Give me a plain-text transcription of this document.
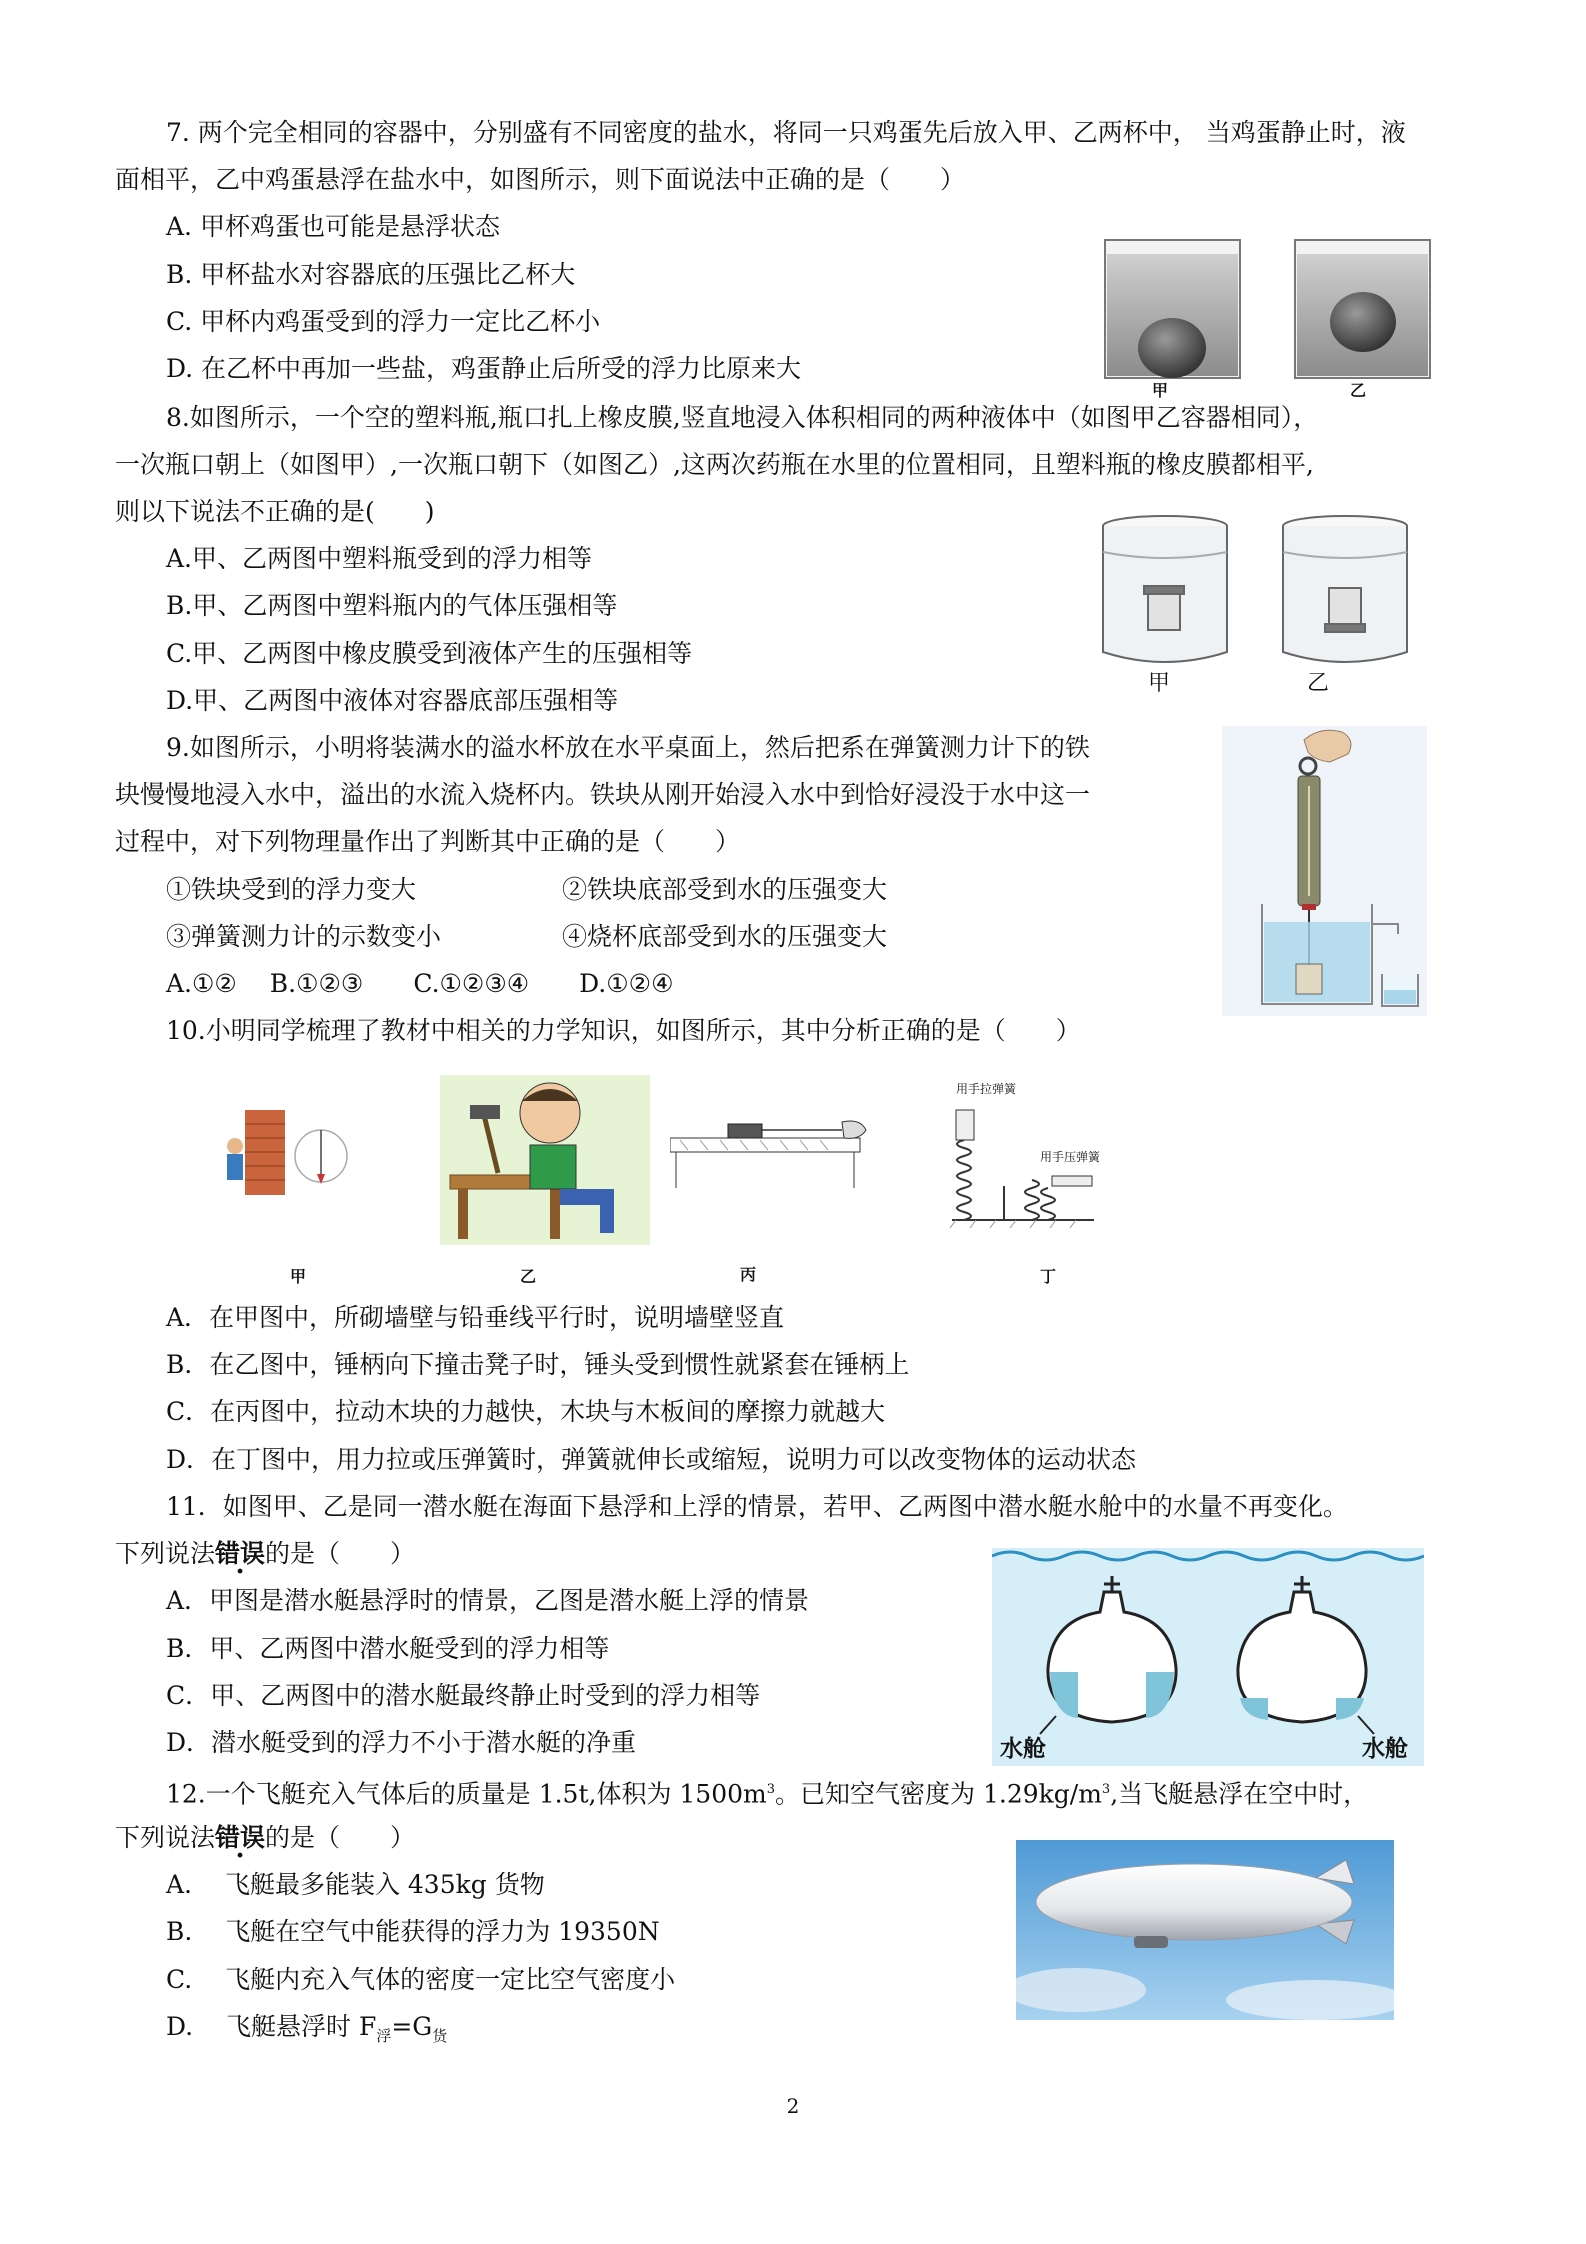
7. 两个完全相同的容器中，分别盛有不同密度的盐水，将同一只鸡蛋先后放入甲、乙两杯中， 当鸡蛋静止时，液
面相平，乙中鸡蛋悬浮在盐水中，如图所示，则下面说法中正确的是（　　）
A. 甲杯鸡蛋也可能是悬浮状态
B. 甲杯盐水对容器底的压强比乙杯大
C. 甲杯内鸡蛋受到的浮力一定比乙杯小
D. 在乙杯中再加一些盐，鸡蛋静止后所受的浮力比原来大
甲	乙
8.如图所示，一个空的塑料瓶,瓶口扎上橡皮膜,竖直地浸入体积相同的两种液体中（如图甲乙容器相同），
一次瓶口朝上（如图甲）,一次瓶口朝下（如图乙）,这两次药瓶在水里的位置相同，且塑料瓶的橡皮膜都相平,
则以下说法不正确的是(　　)
A.甲、乙两图中塑料瓶受到的浮力相等
B.甲、乙两图中塑料瓶内的气体压强相等
C.甲、乙两图中橡皮膜受到液体产生的压强相等
D.甲、乙两图中液体对容器底部压强相等
甲	乙
9.如图所示，小明将装满水的溢水杯放在水平桌面上，然后把系在弹簧测力计下的铁
块慢慢地浸入水中，溢出的水流入烧杯内。铁块从刚开始浸入水中到恰好浸没于水中这一
过程中，对下列物理量作出了判断其中正确的是（　　）
①铁块受到的浮力变大	②铁块底部受到水的压强变大
③弹簧测力计的示数变小	④烧杯底部受到水的压强变大
A.①②　 B.①②③　　C.①②③④　　D.①②④
10.小明同学梳理了教材中相关的力学知识，如图所示，其中分析正确的是（　　）
甲	乙	丙
用手拉弹簧
用手压弹簧
丁
A．在甲图中，所砌墙壁与铅垂线平行时，说明墙壁竖直
B．在乙图中，锤柄向下撞击凳子时，锤头受到惯性就紧套在锤柄上
C．在丙图中，拉动木块的力越快，木块与木板间的摩擦力就越大
D．在丁图中，用力拉或压弹簧时，弹簧就伸长或缩短，说明力可以改变物体的运动状态
11．如图甲、乙是同一潜水艇在海面下悬浮和上浮的情景，若甲、乙两图中潜水艇水舱中的水量不再变化。
下列说法错误的是（　　）
A．甲图是潜水艇悬浮时的情景，乙图是潜水艇上浮的情景
B．甲、乙两图中潜水艇受到的浮力相等
C．甲、乙两图中的潜水艇最终静止时受到的浮力相等
D．潜水艇受到的浮力不小于潜水艇的净重	水舱	水舱
12.一个飞艇充入气体后的质量是 1.5t,体积为 $1500m^3$。已知空气密度为 $1.29kg/m^3$,当飞艇悬浮在空中时，
下列说法错误的是（　　）
A.　 飞艇最多能装入 435kg 货物
B.　 飞艇在空气中能获得的浮力为 19350N
C.　 飞艇内充入气体的密度一定比空气密度小
D.　 飞艇悬浮时 $F_浮=G_货$
2
